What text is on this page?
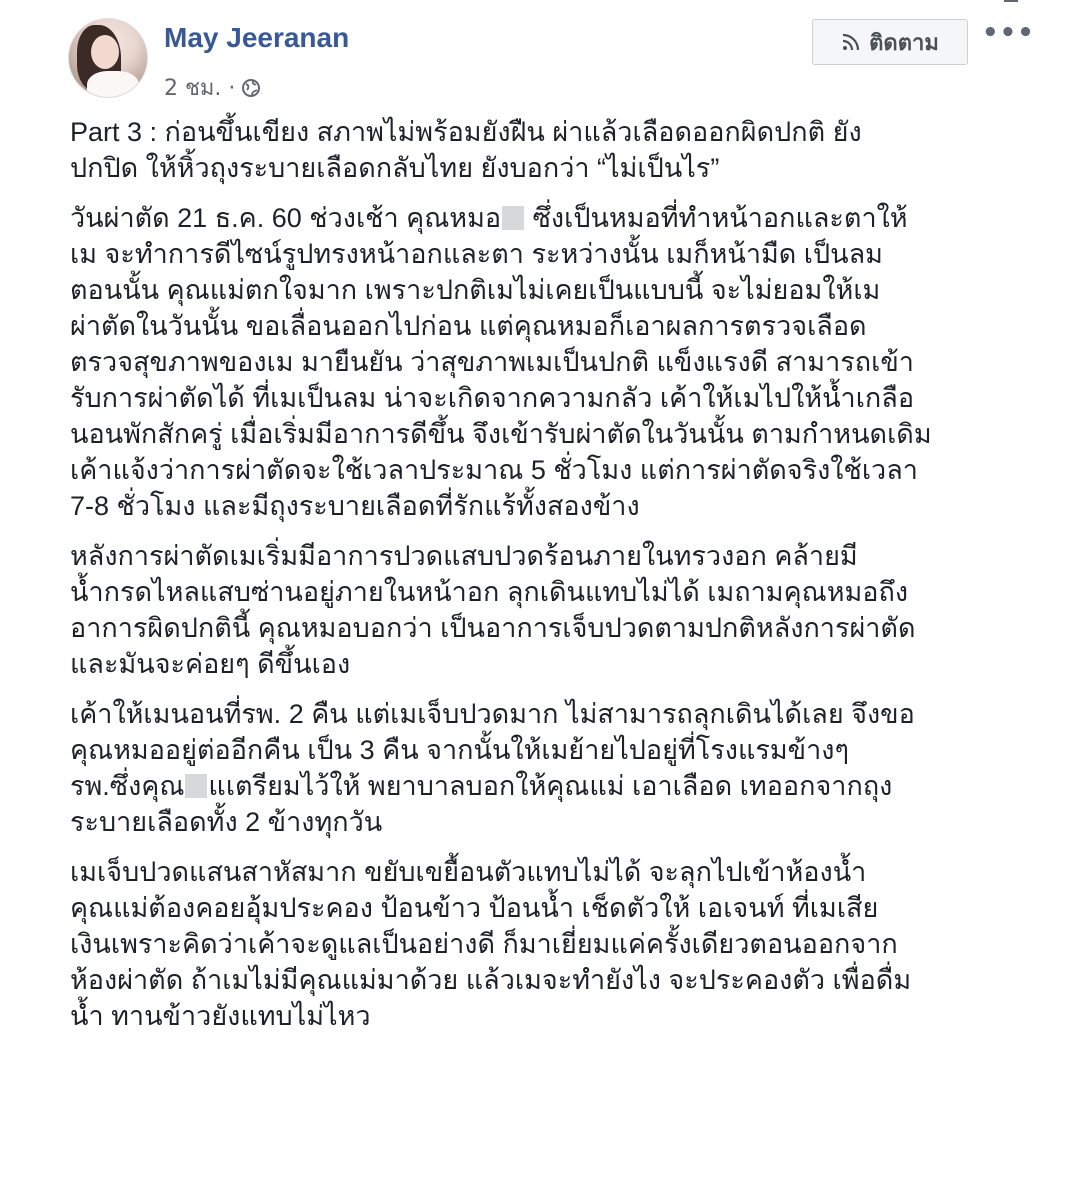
May Jeeranan
2 ชม. ·
ติดตาม •••

Part 3 : ก่อนขึ้นเขียง สภาพไม่พร้อมยังฝืน ผ่าแล้วเลือดออกผิดปกติ ยัง
ปกปิด ให้หิ้วถุงระบายเลือดกลับไทย ยังบอกว่า “ไม่เป็นไร”

วันผ่าตัด 21 ธ.ค. 60 ช่วงเช้า คุณหมอ ซึ่งเป็นหมอที่ทำหน้าอกและตาให้
เม จะทำการดีไซน์รูปทรงหน้าอกและตา ระหว่างนั้น เมก็หน้ามืด เป็นลม
ตอนนั้น คุณแม่ตกใจมาก เพราะปกติเมไม่เคยเป็นแบบนี้ จะไม่ยอมให้เม
ผ่าตัดในวันนั้น ขอเลื่อนออกไปก่อน แต่คุณหมอก็เอาผลการตรวจเลือด
ตรวจสุขภาพของเม มายืนยัน ว่าสุขภาพเมเป็นปกติ แข็งแรงดี สามารถเข้า
รับการผ่าตัดได้ ที่เมเป็นลม น่าจะเกิดจากความกลัว เค้าให้เมไปให้น้ำเกลือ
นอนพักสักครู่ เมื่อเริ่มมีอาการดีขึ้น จึงเข้ารับผ่าตัดในวันนั้น ตามกำหนดเดิม
เค้าแจ้งว่าการผ่าตัดจะใช้เวลาประมาณ 5 ชั่วโมง แต่การผ่าตัดจริงใช้เวลา
7-8 ชั่วโมง และมีถุงระบายเลือดที่รักแร้ทั้งสองข้าง

หลังการผ่าตัดเมเริ่มมีอาการปวดแสบปวดร้อนภายในทรวงอก คล้ายมี
น้ำกรดไหลแสบซ่านอยู่ภายในหน้าอก ลุกเดินแทบไม่ได้ เมถามคุณหมอถึง
อาการผิดปกตินี้ คุณหมอบอกว่า เป็นอาการเจ็บปวดตามปกติหลังการผ่าตัด
และมันจะค่อยๆ ดีขึ้นเอง

เค้าให้เมนอนที่รพ. 2 คืน แต่เมเจ็บปวดมาก ไม่สามารถลุกเดินได้เลย จึงขอ
คุณหมออยู่ต่ออีกคืน เป็น 3 คืน จากนั้นให้เมย้ายไปอยู่ที่โรงแรมข้างๆ
รพ.ซึ่งคุณ แเตรียมไว้ให้ พยาบาลบอกให้คุณแม่ เอาเลือด เทออกจากถุง
ระบายเลือดทั้ง 2 ข้างทุกวัน

เมเจ็บปวดแสนสาหัสมาก ขยับเขยื้อนตัวแทบไม่ได้ จะลุกไปเข้าห้องน้ำ
คุณแม่ต้องคอยอุ้มประคอง ป้อนข้าว ป้อนน้ำ เช็ดตัวให้ เอเจนท์ ที่เมเสีย
เงินเพราะคิดว่าเค้าจะดูแลเป็นอย่างดี ก็มาเยี่ยมแค่ครั้งเดียวตอนออกจาก
ห้องผ่าตัด ถ้าเมไม่มีคุณแม่มาด้วย แล้วเมจะทำยังไง จะประคองตัว เพื่อดื่ม
น้ำ ทานข้าวยังแทบไม่ไหว
